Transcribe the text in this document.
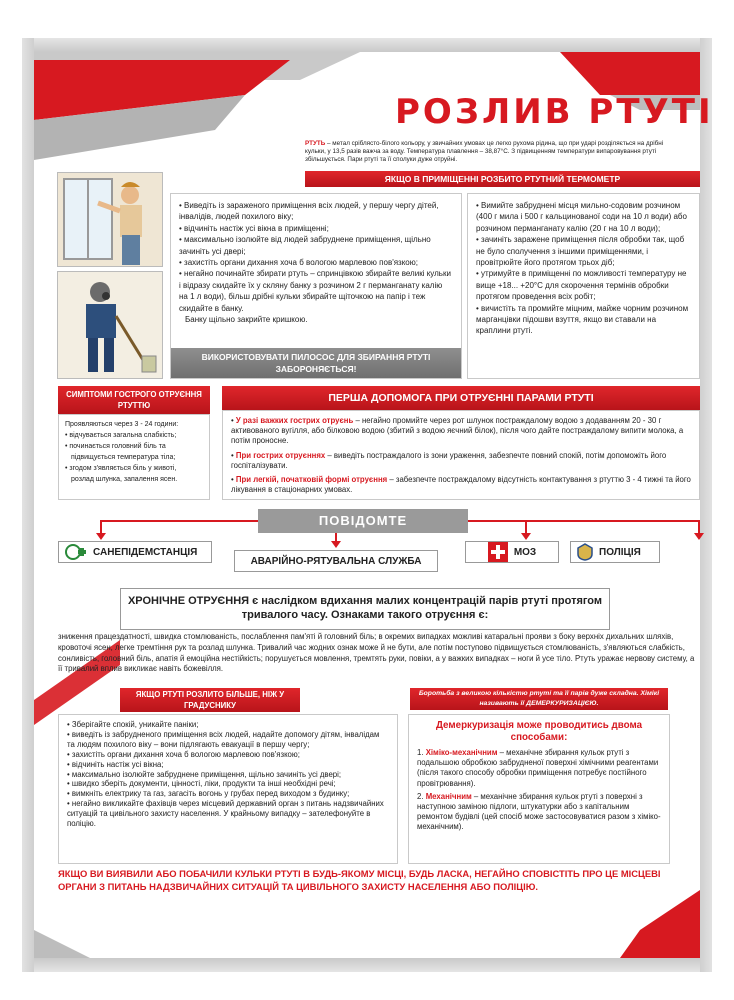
РОЗЛИВ РТУТІ
РТУТЬ – метал сріблясто-білого кольору, у звичайних умовах це легко рухома рідина, що при ударі розділяється на дрібні кульки, у 13,5 разів важча за воду. Температура плавлення – 38,87°С. З підвищенням температури випаровування ртуті збільшується. Пари ртуті та її сполуки дуже отруйні.
ЯКЩО В ПРИМІЩЕННІ РОЗБИТО РТУТНИЙ ТЕРМОМЕТР
• Виведіть із зараженого приміщення всіх людей, у першу чергу дітей, інвалідів, людей похилого віку;
• відчиніть настіж усі вікна в приміщенні;
• максимально ізолюйте від людей забруднене приміщення, щільно зачиніть усі двері;
• захистіть органи дихання хоча б вологою марлевою пов'язкою;
• негайно починайте збирати ртуть – спринцівкою збирайте великі кульки і відразу скидайте їх у скляну банку з розчином 2 г перманганату калію на 1 л води), більш дрібні кульки збирайте щіточкою на папір і теж скидайте в банку.
Банку щільно закрийте кришкою.
ВИКОРИСТОВУВАТИ ПИЛОСОС ДЛЯ ЗБИРАННЯ РТУТІ ЗАБОРОНЯЄТЬСЯ!
• Вимийте забруднені місця мильно-содовим розчином (400 г мила і 500 г кальцинованої соди на 10 л води) або розчином перманганату калію (20 г на 10 л води);
• зачиніть заражене приміщення після обробки так, щоб не було сполучення з іншими приміщеннями, і провітрюйте його протягом трьох діб;
• утримуйте в приміщенні по можливості температуру не вище +18... +20°С для скорочення термінів обробки протягом проведення всіх робіт;
• вичистіть та промийте міцним, майже чорним розчином марганцівки підошви взуття, якщо ви ставали на краплини ртуті.
СИМПТОМИ ГОСТРОГО ОТРУЄННЯ РТУТТЮ
Проявляються через 3 - 24 години:
• відчувається загальна слабкість;
• починається головний біль та
підвищується температура тіла;
• згодом з'являється біль у животі,
розлад шлунка, запалення ясен.
ПЕРША ДОПОМОГА ПРИ ОТРУЄННІ ПАРАМИ РТУТІ

• У разі важких гострих отруєнь – негайно промийте через рот шлунок постраждалому водою з додаванням 20 - 30 г активованого вугілля, або білковою водою (збитий з водою яєчний білок), після чого дайте постраждалому випити молока, а потім проносне.

• При гострих отруєннях – виведіть постраждалого із зони ураження, забезпечте повний спокій, потім допоможіть його госпіталізувати.

• При легкій, початковій формі отруєння – забезпечте постраждалому відсутність контактування з ртуттю 3 - 4 тижні та його лікування в стаціонарних умовах.

ПОВІДОМТЕ
САНЕПІДЕМСТАНЦІЯ
АВАРІЙНО-РЯТУВАЛЬНА СЛУЖБА
МОЗ	ПОЛІЦІЯ
ХРОНІЧНЕ ОТРУЄННЯ є наслідком вдихання малих концентрацій парів ртуті протягом тривалого часу. Ознаками такого отруєння є:
зниження працездатності, швидка стомлюваність, послаблення пам'яті й головний біль; в окремих випадках можливі катаральні прояви з боку верхніх дихальних шляхів, кровоточі ясен, легке тремтіння рук та розлад шлунка. Тривалий час жодних ознак може й не бути, але потім поступово підвищується стомлюваність, з'являються слабкість, сонливість, головний біль, апатія й емоційна нестійкість; порушується мовлення, тремтять руки, повіки, а у важких випадках – ноги й усе тіло. Ртуть уражає нервову систему, а її тривалий вплив викликає навіть божевілля.
ЯКЩО РТУТІ РОЗЛИТО БІЛЬШЕ, НІЖ У ГРАДУСНИКУ
Боротьба з великою кількістю ртуті та її парів дуже складна. Хімікі називають її ДЕМЕРКУРИЗАЦІЄЮ.
• Зберігайте спокій, уникайте паніки;
• виведіть із забрудненого приміщення всіх людей, надайте допомогу дітям, інвалідам та людям похилого віку – вони підлягають евакуації в першу чергу;
• захистіть органи дихання хоча б вологою марлевою пов'язкою;
• відчиніть настіж усі вікна;
• максимально ізолюйте забруднене приміщення, щільно зачиніть усі двері;
• швидко зберіть документи, цінності, ліки, продукти та інші необхідні речі;
• вимкніть електрику та газ, загасіть вогонь у грубах перед виходом з будинку;
• негайно викликайте фахівців через місцевий державний орган з питань надзвичайних ситуацій та цивільного захисту населення. У крайньому випадку – зателефонуйте в поліцію.
Демеркуризація може проводитись двома способами:

1. Хіміко-механічним – механічне збирання кульок ртуті з подальшою обробкою забрудненої поверхні хімічними реагентами (після такого способу обробки приміщення потребує постійного провітрювання).

2. Механічним – механічне збирання кульок ртуті з поверхні з наступною заміною підлоги, штукатурки або з капітальним ремонтом будівлі (цей спосіб може застосовуватися разом з хіміко-механічним).

ЯКЩО ВИ ВИЯВИЛИ АБО ПОБАЧИЛИ КУЛЬКИ РТУТІ В БУДЬ-ЯКОМУ МІСЦІ, БУДЬ ЛАСКА, НЕГАЙНО СПОВІСТІТЬ ПРО ЦЕ МІСЦЕВІ ОРГАНИ З ПИТАНЬ НАДЗВИЧАЙНИХ СИТУАЦІЙ ТА ЦИВІЛЬНОГО ЗАХИСТУ НАСЕЛЕННЯ АБО ПОЛІЦІЮ.
